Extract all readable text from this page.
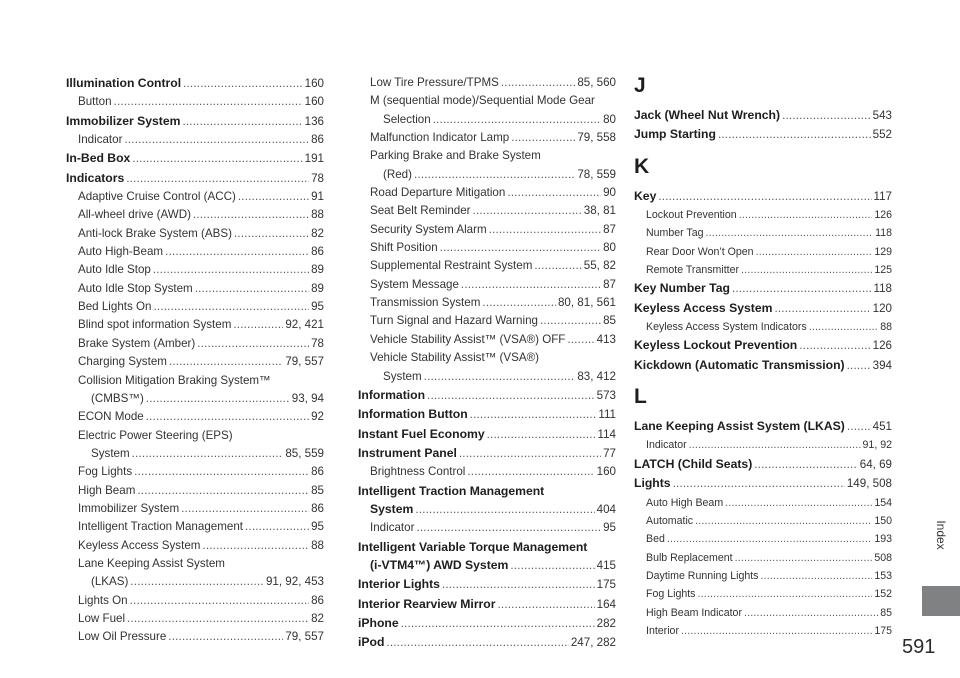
Illumination Control .....	160
Button .....	160
Immobilizer System .....	136
Indicator .....	86
In-Bed Box .....	191
Indicators .....	78
Adaptive Cruise Control (ACC) .....	91
All-wheel drive (AWD) .....	88
Anti-lock Brake System (ABS) .....	82
Auto High-Beam .....	86
Auto Idle Stop .....	89
Auto Idle Stop System .....	89
Bed Lights On .....	95
Blind spot information System .....	92, 421
Brake System (Amber) .....	78
Charging System .....	79, 557
Collision Mitigation Braking System™
(CMBS™) .....	93, 94
ECON Mode .....	92
Electric Power Steering (EPS)
System .....	85, 559
Fog Lights .....	86
High Beam .....	85
Immobilizer System .....	86
Intelligent Traction Management .....	95
Keyless Access System .....	88
Lane Keeping Assist System
(LKAS) .....	91, 92, 453
Lights On .....	86
Low Fuel .....	82
Low Oil Pressure .....	79, 557
Low Tire Pressure/TPMS .....	85, 560
M (sequential mode)/Sequential Mode Gear
Selection .....	80
Malfunction Indicator Lamp .....	79, 558
Parking Brake and Brake System
(Red) .....	78, 559
Road Departure Mitigation .....	90
Seat Belt Reminder .....	38, 81
Security System Alarm .....	87
Shift Position .....	80
Supplemental Restraint System .....	55, 82
System Message .....	87
Transmission System .....	80, 81, 561
Turn Signal and Hazard Warning .....	85
Vehicle Stability Assist™ (VSA®) OFF .....	413
Vehicle Stability Assist™ (VSA®)
System .....	83, 412
Information .....	573
Information Button .....	111
Instant Fuel Economy .....	114
Instrument Panel .....	77
Brightness Control .....	160
Intelligent Traction Management
System .....	404
Indicator .....	95
Intelligent Variable Torque Management
(i-VTM4™) AWD System .....	415
Interior Lights .....	175
Interior Rearview Mirror .....	164
iPhone .....	282
iPod .....	247, 282
J
Jack (Wheel Nut Wrench) .....	543
Jump Starting .....	552
K
Key .....	117
Lockout Prevention .....	126
Number Tag .....	118
Rear Door Won’t Open .....	129
Remote Transmitter .....	125
Key Number Tag .....	118
Keyless Access System .....	120
Keyless Access System Indicators .....	88
Keyless Lockout Prevention .....	126
Kickdown (Automatic Transmission) ..... 394
L
Lane Keeping Assist System (LKAS) ..... 451
Indicator .....	91, 92
LATCH (Child Seats) .....	64, 69
Lights .....	149, 508
Auto High Beam .....	154
Automatic .....	150
Bed .....	193
Bulb Replacement .....	508
Daytime Running Lights .....	153
Fog Lights .....	152
High Beam Indicator .....	85
Interior .....	175
Index
591
